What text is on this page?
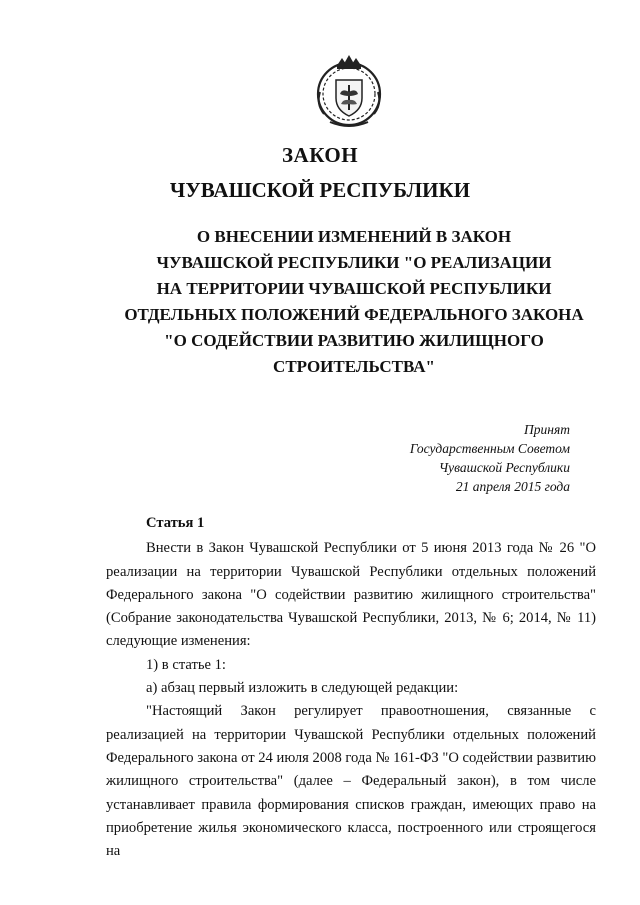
ЗАКОН
ЧУВАШСКОЙ РЕСПУБЛИКИ
О ВНЕСЕНИИ ИЗМЕНЕНИЙ В ЗАКОН
ЧУВАШСКОЙ РЕСПУБЛИКИ "О РЕАЛИЗАЦИИ
НА ТЕРРИТОРИИ ЧУВАШСКОЙ РЕСПУБЛИКИ
ОТДЕЛЬНЫХ ПОЛОЖЕНИЙ ФЕДЕРАЛЬНОГО ЗАКОНА
"О СОДЕЙСТВИИ РАЗВИТИЮ ЖИЛИЩНОГО
СТРОИТЕЛЬСТВА"
Принят
Государственным Советом
Чувашской Республики
21 апреля 2015 года
Статья 1

Внести в Закон Чувашской Республики от 5 июня 2013 года № 26 "О реализации на территории Чувашской Республики отдельных положений Федерального закона "О содействии развитию жилищного строительства" (Собрание законодательства Чувашской Республики, 2013, № 6; 2014, № 11) следующие изменения:

1) в статье 1:

а) абзац первый изложить в следующей редакции:

"Настоящий Закон регулирует правоотношения, связанные с реализацией на территории Чувашской Республики отдельных положений Федерального закона от 24 июля 2008 года № 161-ФЗ "О содействии развитию жилищного строительства" (далее – Федеральный закон), в том числе устанавливает правила формирования списков граждан, имеющих право на приобретение жилья экономического класса, построенного или строящегося на
